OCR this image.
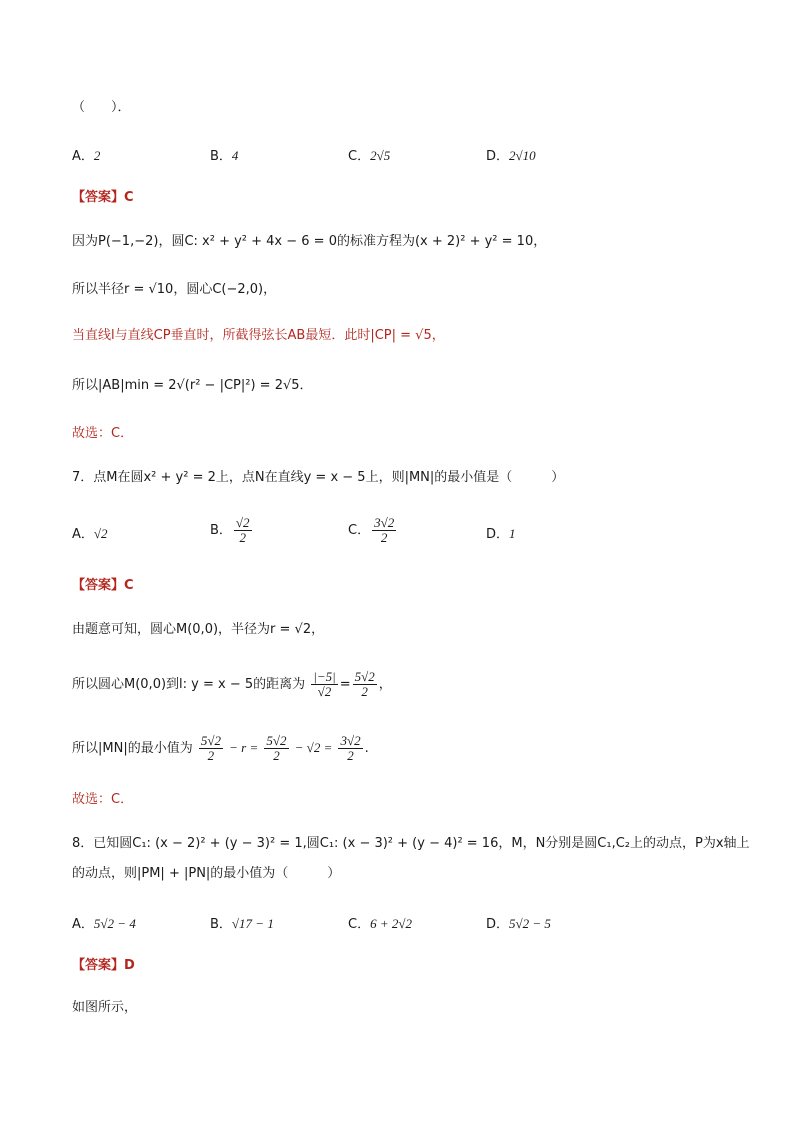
（　　）．
A．2	B．4	C．2√5	D．2√10
【答案】C
因为P(−1,−2)，圆C: x² + y² + 4x − 6 = 0的标准方程为(x + 2)² + y² = 10，
所以半径r = √10，圆心C(−2,0)，
当直线l与直线CP垂直时，所截得弦长AB最短．此时|CP| = √5，
所以|AB|min = 2√(r² − |CP|²) = 2√5．
故选：C．
7．点M在圆x² + y² = 2上，点N在直线y = x − 5上，则|MN|的最小值是（　　　）
A．√2	B． $\frac{√2}{2}$	C． $\frac{3√2}{2}$	D．1
【答案】C
由题意可知，圆心M(0,0)，半径为r = √2，
所以圆心M(0,0)到l: y = x − 5的距离为 $\frac{|-5|}{√2} = \frac{5√2}{2}$ ，
所以|MN|的最小值为 $\frac{5√2}{2} - r = \frac{5√2}{2} - √2 = \frac{3√2}{2}$ .
故选：C．
8．已知圆C₁: (x − 2)² + (y − 3)² = 1,圆C₁: (x − 3)² + (y − 4)² = 16，M，N分别是圆C₁,C₂上的动点，P为x轴上
的动点，则|PM| + |PN|的最小值为（　　　）
A．5√2 − 4	B．√17 − 1	C．6 + 2√2	D．5√2 − 5
【答案】D
如图所示，
